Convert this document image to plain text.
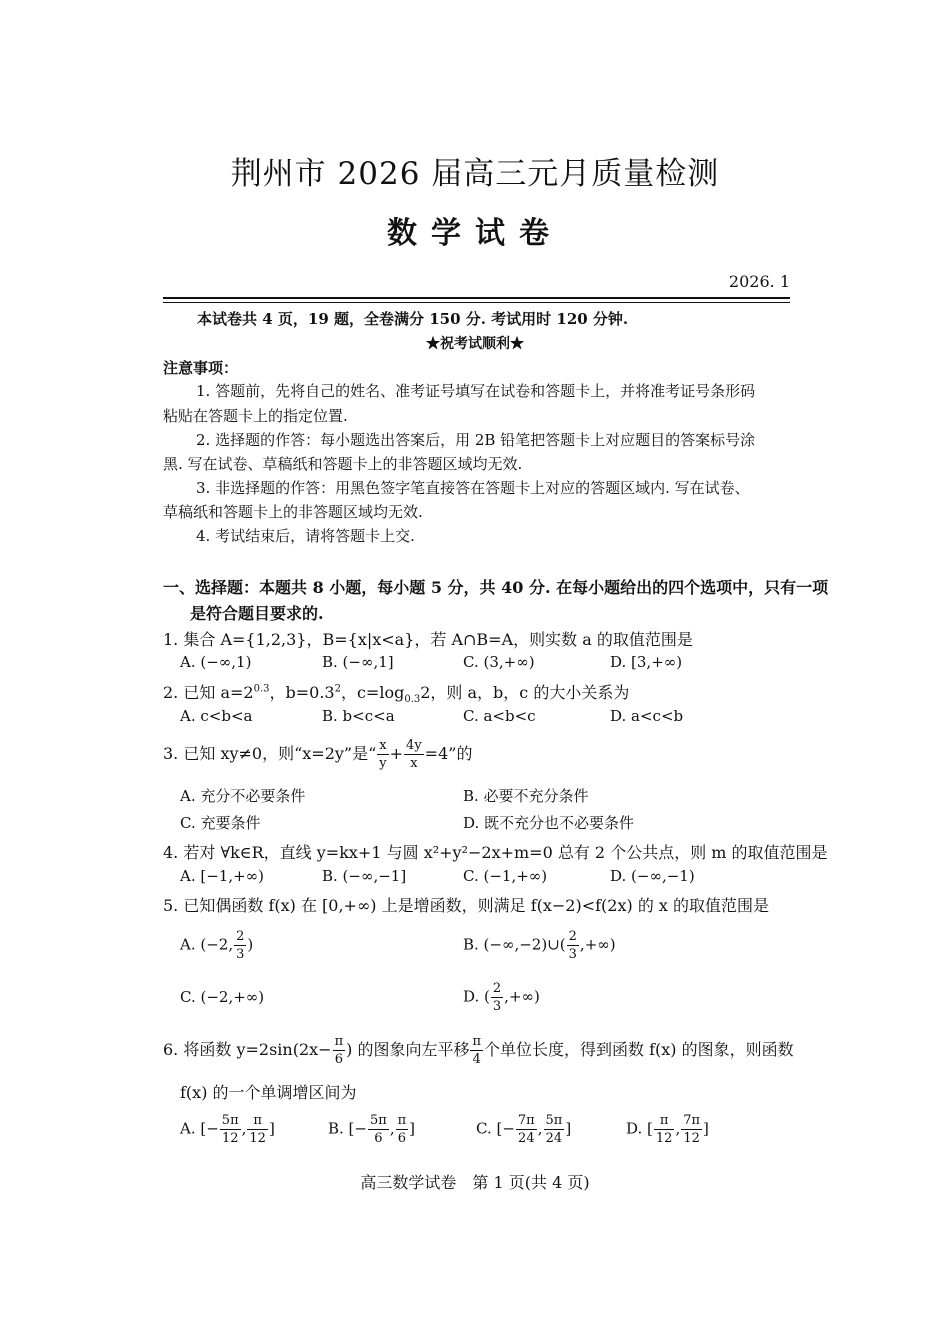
荆州市 2026 届高三元月质量检测
数学试卷
2026. 1
本试卷共 4 页，19 题，全卷满分 150 分. 考试用时 120 分钟.
★祝考试顺利★
注意事项：
1. 答题前，先将自己的姓名、准考证号填写在试卷和答题卡上，并将准考证号条形码
粘贴在答题卡上的指定位置.
2. 选择题的作答：每小题选出答案后，用 2B 铅笔把答题卡上对应题目的答案标号涂
黑. 写在试卷、草稿纸和答题卡上的非答题区域均无效.
3. 非选择题的作答：用黑色签字笔直接答在答题卡上对应的答题区域内. 写在试卷、
草稿纸和答题卡上的非答题区域均无效.
4. 考试结束后，请将答题卡上交.
一、选择题：本题共 8 小题，每小题 5 分，共 40 分. 在每小题给出的四个选项中，只有一项
是符合题目要求的.
1. 集合 A={1,2,3}，B={x|x<a}，若 A∩B=A，则实数 a 的取值范围是
A. (−∞,1)	B. (−∞,1]	C. (3,+∞)	D. [3,+∞)
2. 已知 $a=2^{0.3}$，$b=0.3^2$，$c=\log_{0.3}2$，则 a，b，c 的大小关系为
A. c<b<a	B. b<c<a	C. a<b<c	D. a<c<b
3. 已知 xy≠0，则“x=2y”是“ $\frac{x}{y} + \frac{4y}{x} =4$”的
A. 充分不必要条件	B. 必要不充分条件
C. 充要条件	D. 既不充分也不必要条件
4. 若对 ∀k∈R，直线 y=kx+1 与圆 x²+y²−2x+m=0 总有 2 个公共点，则 m 的取值范围是
A. [−1,+∞)	B. (−∞,−1]	C. (−1,+∞)	D. (−∞,−1)
5. 已知偶函数 f(x) 在 [0,+∞) 上是增函数，则满足 f(x−2)<f(2x) 的 x 的取值范围是
A. (−2, $\frac{2}{3}$ )	B. (−∞,−2)∪( $\frac{2}{3}$ ,+∞)
C. (−2,+∞)	D. ( $\frac{2}{3}$ ,+∞)
6. 将函数 $y=2\sin(2x- \frac{\pi}{6}$ ) 的图象向左平移 $\frac{\pi}{4}$ 个单位长度，得到函数 f(x) 的图象，则函数
f(x) 的一个单调增区间为
A. [− $\frac{5\pi}{12}$ , $\frac{\pi}{12}$ ]	B. [− $\frac{5\pi}{6}$ , $\frac{\pi}{6}$ ]	C. [− $\frac{7\pi}{24}$ , $\frac{5\pi}{24}$ ]	D. [ $\frac{\pi}{12}$ , $\frac{7\pi}{12}$ ]
高三数学试卷　第 1 页(共 4 页)
